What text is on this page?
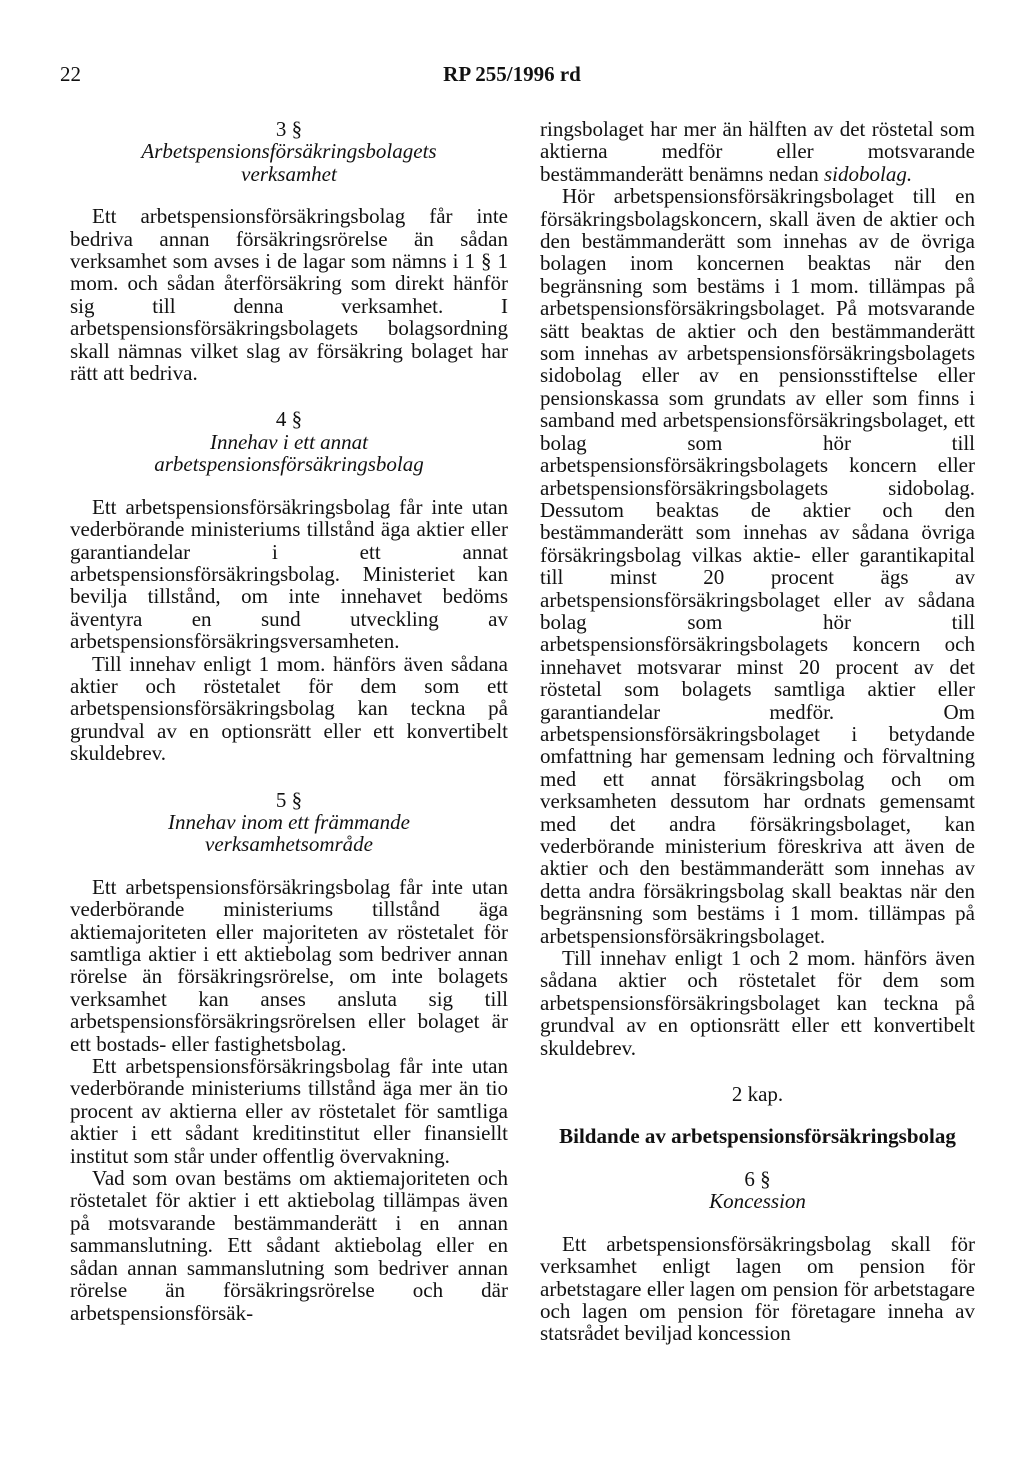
22	RP 255/1996 rd

3 §

Arbetspensionsförsäkringsbolagets

verksamhet

Ett arbetspensionsförsäkringsbolag får inte bedriva annan försäkringsrörelse än sådan verksamhet som avses i de lagar som nämns i 1 § 1 mom. och sådan återförsäkring som direkt hänför sig till denna verksamhet. I arbetspensionsförsäkringsbolagets bolagsordning skall nämnas vilket slag av försäkring bolaget har rätt att bedriva.

4 §

Innehav i ett annat

arbetspensionsförsäkringsbolag

Ett arbetspensionsförsäkringsbolag får inte utan vederbörande ministeriums tillstånd äga aktier eller garantiandelar i ett annat arbetspensionsförsäkringsbolag. Ministeriet kan bevilja tillstånd, om inte innehavet bedöms äventyra en sund utveckling av arbetspensionsförsäkringsversamheten.

Till innehav enligt 1 mom. hänförs även sådana aktier och röstetalet för dem som ett arbetspensionsförsäkringsbolag kan teckna på grundval av en optionsrätt eller ett konvertibelt skuldebrev.

5 §

Innehav inom ett främmande

verksamhetsområde

Ett arbetspensionsförsäkringsbolag får inte utan vederbörande ministeriums tillstånd äga aktiemajoriteten eller majoriteten av röstetalet för samtliga aktier i ett aktiebolag som bedriver annan rörelse än försäkringsrörelse, om inte bolagets verksamhet kan anses ansluta sig till arbetspensionsförsäkringsrörelsen eller bolaget är ett bostads- eller fastighetsbolag.

Ett arbetspensionsförsäkringsbolag får inte utan vederbörande ministeriums tillstånd äga mer än tio procent av aktierna eller av röstetalet för samtliga aktier i ett sådant kreditinstitut eller finansiellt institut som står under offentlig övervakning.

Vad som ovan bestäms om aktiemajoriteten och röstetalet för aktier i ett aktiebolag tillämpas även på motsvarande bestämmanderätt i en annan sammanslutning. Ett sådant aktiebolag eller en sådan annan sammanslutning som bedriver annan rörelse än försäkringsrörelse och där arbetspensionsförsäk-

ringsbolaget har mer än hälften av det röstetal som aktierna medför eller motsvarande bestämmanderätt benämns nedan sidobolag.

Hör arbetspensionsförsäkringsbolaget till en försäkringsbolagskoncern, skall även de aktier och den bestämmanderätt som innehas av de övriga bolagen inom koncernen beaktas när den begränsning som bestäms i 1 mom. tillämpas på arbetspensionsförsäkringsbolaget. På motsvarande sätt beaktas de aktier och den bestämmanderätt som innehas av arbetspensionsförsäkringsbolagets sidobolag eller av en pensionsstiftelse eller pensionskassa som grundats av eller som finns i samband med arbetspensionsförsäkringsbolaget, ett bolag som hör till arbetspensionsförsäkringsbolagets koncern eller arbetspensionsförsäkringsbolagets sidobolag. Dessutom beaktas de aktier och den bestämmanderätt som innehas av sådana övriga försäkringsbolag vilkas aktie- eller garantikapital till minst 20 procent ägs av arbetspensionsförsäkringsbolaget eller av sådana bolag som hör till arbetspensionsförsäkringsbolagets koncern och innehavet motsvarar minst 20 procent av det röstetal som bolagets samtliga aktier eller garantiandelar medför. Om arbetspensionsförsäkringsbolaget i betydande omfattning har gemensam ledning och förvaltning med ett annat försäkringsbolag och om verksamheten dessutom har ordnats gemensamt med det andra försäkringsbolaget, kan vederbörande ministerium föreskriva att även de aktier och den bestämmanderätt som innehas av detta andra försäkringsbolag skall beaktas när den begränsning som bestäms i 1 mom. tillämpas på arbetspensionsförsäkringsbolaget.

Till innehav enligt 1 och 2 mom. hänförs även sådana aktier och röstetalet för dem som arbetspensionsförsäkringsbolaget kan teckna på grundval av en optionsrätt eller ett konvertibelt skuldebrev.

2 kap.

Bildande av arbetspensionsförsäkringsbolag

6 §

Koncession

Ett arbetspensionsförsäkringsbolag skall för verksamhet enligt lagen om pension för arbetstagare eller lagen om pension för arbetstagare och lagen om pension för företagare inneha av statsrådet beviljad koncession
